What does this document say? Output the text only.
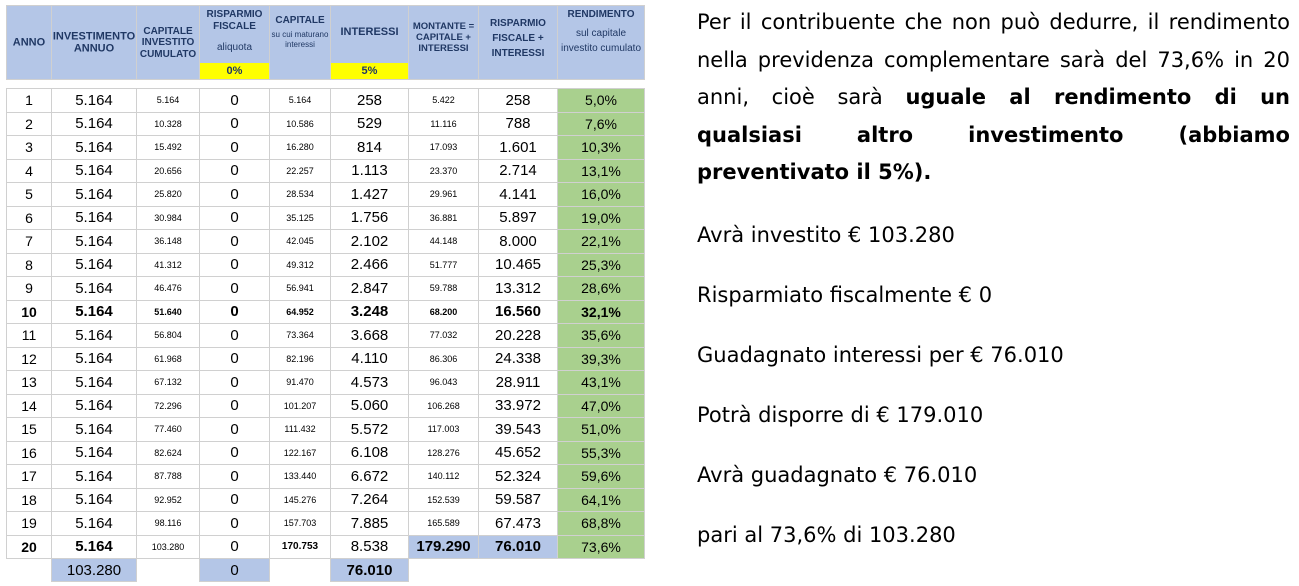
ANNO	INVESTIMENTO ANNUO	CAPITALE INVESTITO CUMULATO	RISPARMIO FISCALE
aliquota
0%	CAPITALE
su cui maturano interessi	INTERESSI
5%	MONTANTE = CAPITALE + INTERESSI	RISPARMIO FISCALE + INTERESSI	RENDIMENTO
sul capitale investito cumulato

1	5.164	5.164	0	5.164	258	5.422	258	5,0%
2	5.164	10.328	0	10.586	529	11.116	788	7,6%
3	5.164	15.492	0	16.280	814	17.093	1.601	10,3%
4	5.164	20.656	0	22.257	1.113	23.370	2.714	13,1%
5	5.164	25.820	0	28.534	1.427	29.961	4.141	16,0%
6	5.164	30.984	0	35.125	1.756	36.881	5.897	19,0%
7	5.164	36.148	0	42.045	2.102	44.148	8.000	22,1%
8	5.164	41.312	0	49.312	2.466	51.777	10.465	25,3%
9	5.164	46.476	0	56.941	2.847	59.788	13.312	28,6%
10	5.164	51.640	0	64.952	3.248	68.200	16.560	32,1%
11	5.164	56.804	0	73.364	3.668	77.032	20.228	35,6%
12	5.164	61.968	0	82.196	4.110	86.306	24.338	39,3%
13	5.164	67.132	0	91.470	4.573	96.043	28.911	43,1%
14	5.164	72.296	0	101.207	5.060	106.268	33.972	47,0%
15	5.164	77.460	0	111.432	5.572	117.003	39.543	51,0%
16	5.164	82.624	0	122.167	6.108	128.276	45.652	55,3%
17	5.164	87.788	0	133.440	6.672	140.112	52.324	59,6%
18	5.164	92.952	0	145.276	7.264	152.539	59.587	64,1%
19	5.164	98.116	0	157.703	7.885	165.589	67.473	68,8%
20	5.164	103.280	0	170.753	8.538	179.290	76.010	73,6%
	103.280		0		76.010			

Per il contribuente che non può dedurre, il rendimento nella previdenza complementare sarà del 73,6% in 20 anni, cioè sarà uguale al rendimento di un qualsiasi altro investimento (abbiamo preventivato il 5%).

Avrà investito € 103.280

Risparmiato fiscalmente € 0

Guadagnato interessi per € 76.010

Potrà disporre di € 179.010

Avrà guadagnato € 76.010

pari al 73,6% di 103.280
